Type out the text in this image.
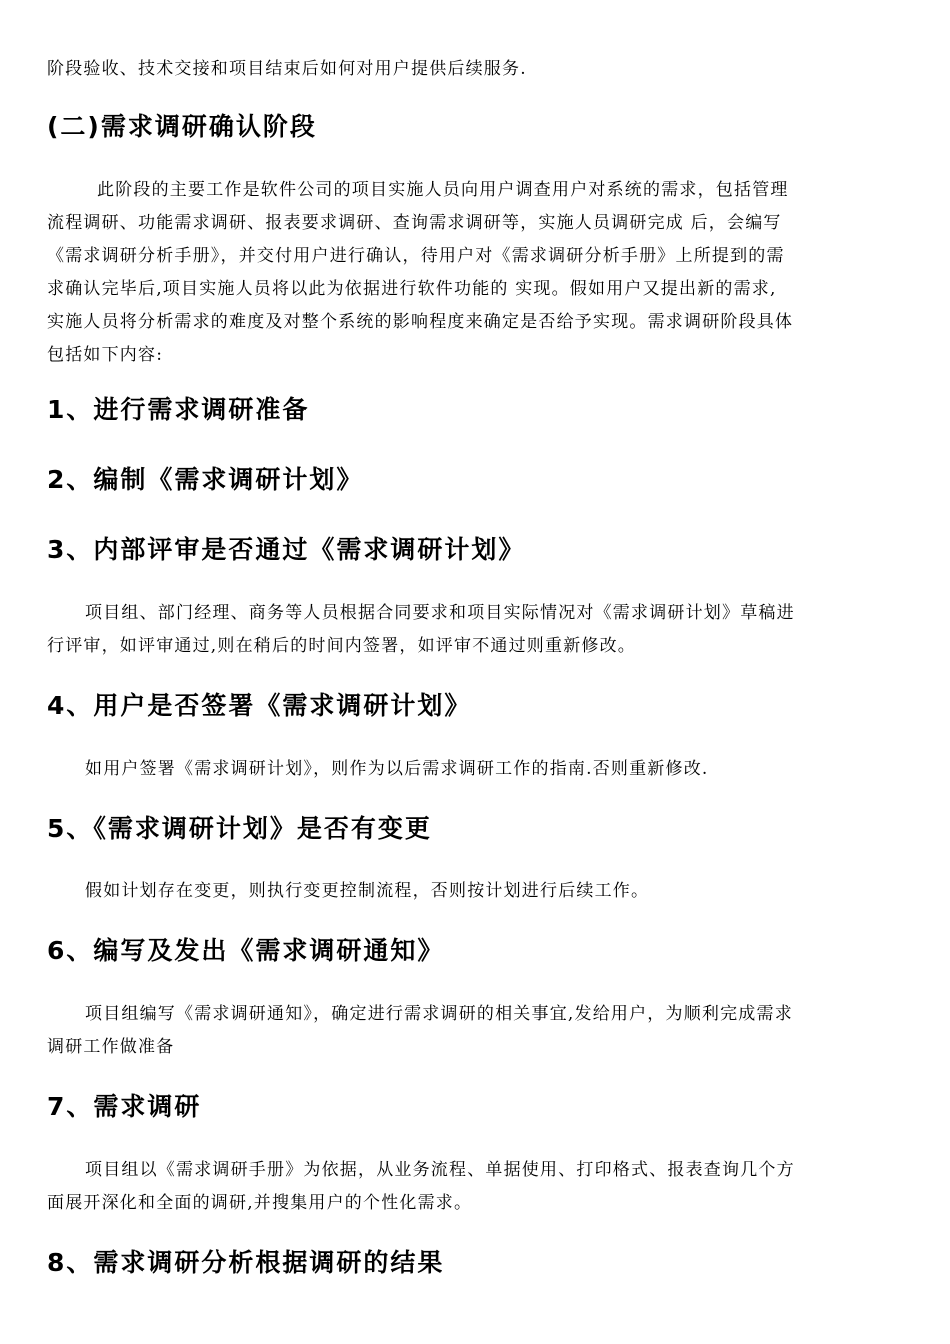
阶段验收、技术交接和项目结束后如何对用户提供后续服务.

(二)需求调研确认阶段

此阶段的主要工作是软件公司的项目实施人员向用户调查用户对系统的需求，包括管理

流程调研、功能需求调研、报表要求调研、查询需求调研等，实施人员调研完成 后，会编写

《需求调研分析手册》，并交付用户进行确认，待用户对《需求调研分析手册》上所提到的需

求确认完毕后,项目实施人员将以此为依据进行软件功能的 实现。假如用户又提出新的需求,

实施人员将分析需求的难度及对整个系统的影响程度来确定是否给予实现。需求调研阶段具体

包括如下内容:

1、进行需求调研准备
2、编制《需求调研计划》
3、内部评审是否通过《需求调研计划》

项目组、部门经理、商务等人员根据合同要求和项目实际情况对《需求调研计划》草稿进

行评审，如评审通过,则在稍后的时间内签署，如评审不通过则重新修改。

4、用户是否签署《需求调研计划》

如用户签署《需求调研计划》，则作为以后需求调研工作的指南.否则重新修改.

5、《需求调研计划》是否有变更

假如计划存在变更，则执行变更控制流程，否则按计划进行后续工作。

6、编写及发出《需求调研通知》

项目组编写《需求调研通知》，确定进行需求调研的相关事宜,发给用户，为顺利完成需求

调研工作做准备

7、需求调研

项目组以《需求调研手册》为依据，从业务流程、单据使用、打印格式、报表查询几个方

面展开深化和全面的调研,并搜集用户的个性化需求。

8、需求调研分析根据调研的结果
